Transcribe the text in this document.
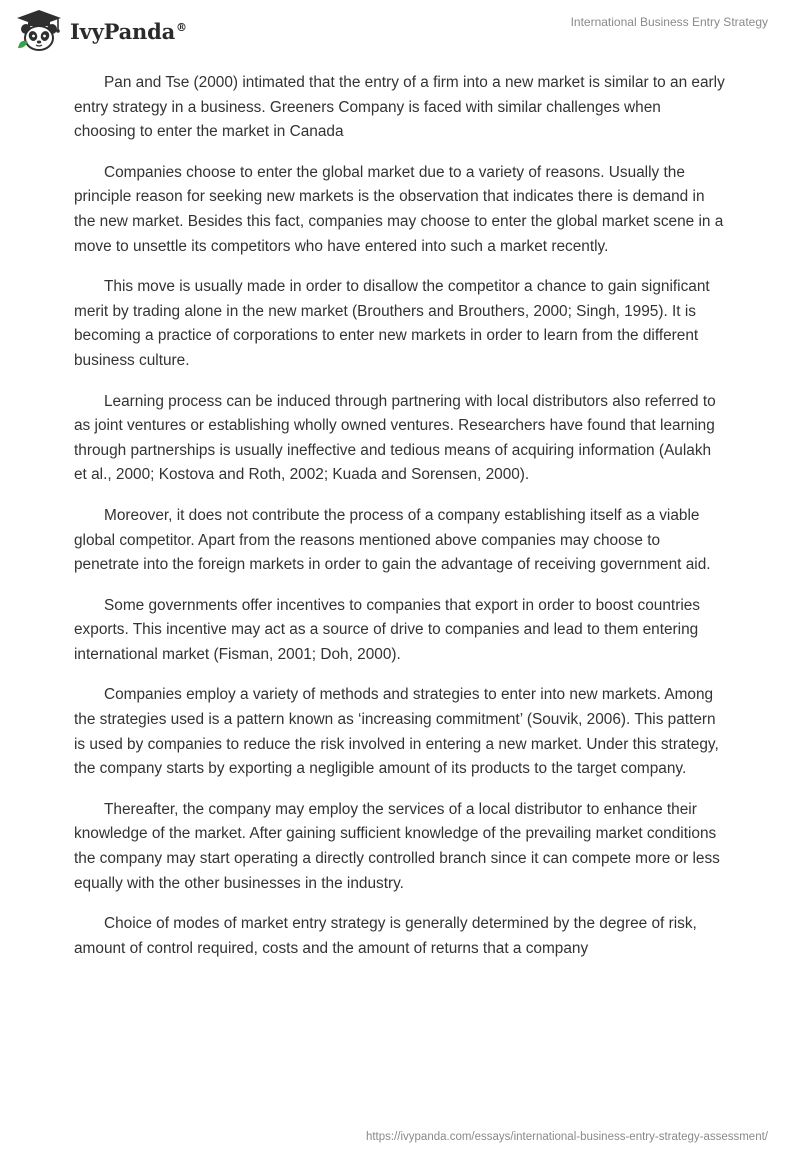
IvyPanda®	International Business Entry Strategy

Pan and Tse (2000) intimated that the entry of a firm into a new market is similar to an early entry strategy in a business. Greeners Company is faced with similar challenges when choosing to enter the market in Canada

Companies choose to enter the global market due to a variety of reasons. Usually the principle reason for seeking new markets is the observation that indicates there is demand in the new market. Besides this fact, companies may choose to enter the global market scene in a move to unsettle its competitors who have entered into such a market recently.

This move is usually made in order to disallow the competitor a chance to gain significant merit by trading alone in the new market (Brouthers and Brouthers, 2000; Singh, 1995). It is becoming a practice of corporations to enter new markets in order to learn from the different business culture.

Learning process can be induced through partnering with local distributors also referred to as joint ventures or establishing wholly owned ventures. Researchers have found that learning through partnerships is usually ineffective and tedious means of acquiring information (Aulakh et al., 2000; Kostova and Roth, 2002; Kuada and Sorensen, 2000).

Moreover, it does not contribute the process of a company establishing itself as a viable global competitor. Apart from the reasons mentioned above companies may choose to penetrate into the foreign markets in order to gain the advantage of receiving government aid.

Some governments offer incentives to companies that export in order to boost countries exports. This incentive may act as a source of drive to companies and lead to them entering international market (Fisman, 2001; Doh, 2000).

Companies employ a variety of methods and strategies to enter into new markets. Among the strategies used is a pattern known as ‘increasing commitment’ (Souvik, 2006). This pattern is used by companies to reduce the risk involved in entering a new market. Under this strategy, the company starts by exporting a negligible amount of its products to the target company.

Thereafter, the company may employ the services of a local distributor to enhance their knowledge of the market. After gaining sufficient knowledge of the prevailing market conditions the company may start operating a directly controlled branch since it can compete more or less equally with the other businesses in the industry.

Choice of modes of market entry strategy is generally determined by the degree of risk, amount of control required, costs and the amount of returns that a company

https://ivypanda.com/essays/international-business-entry-strategy-assessment/
